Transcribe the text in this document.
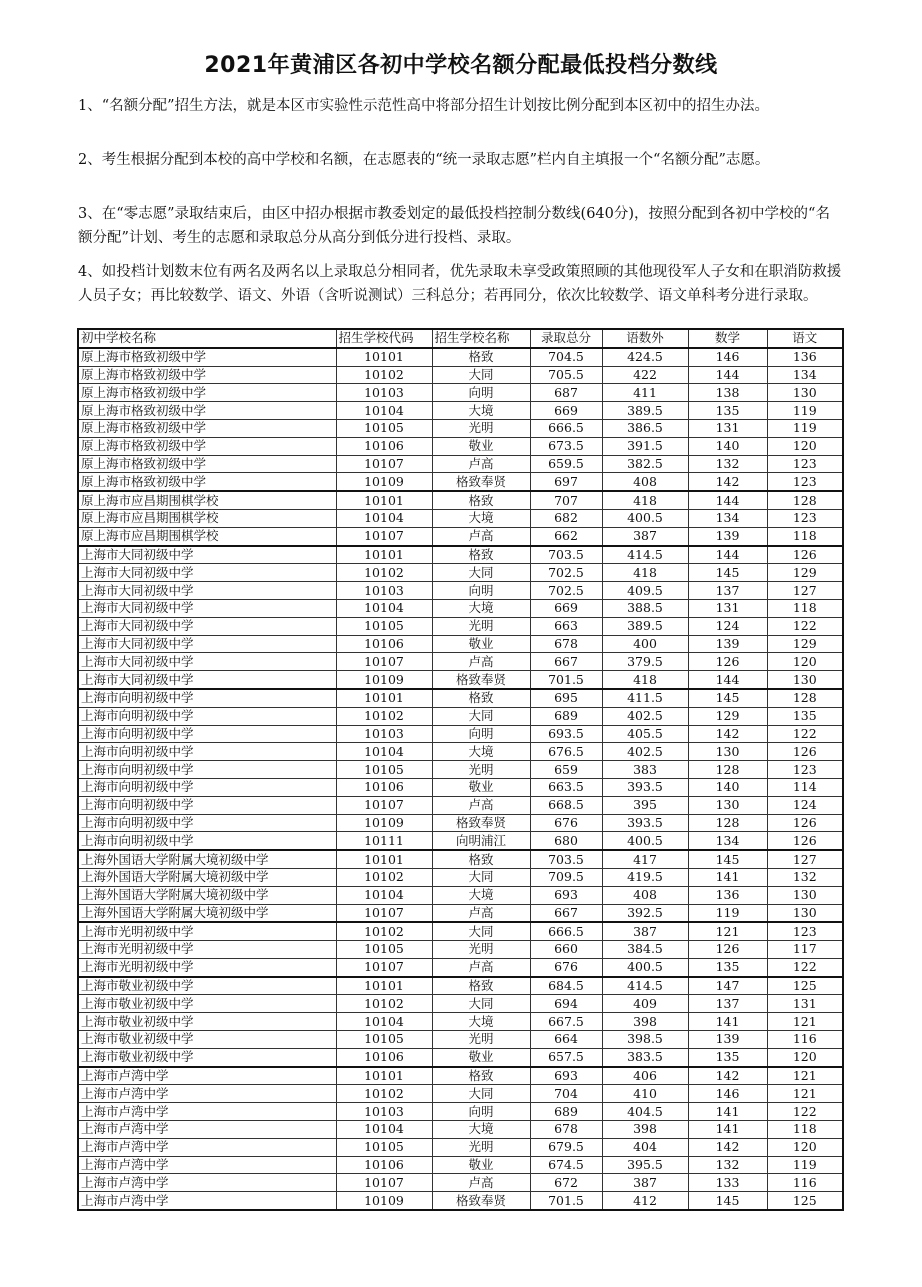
2021年黄浦区各初中学校名额分配最低投档分数线

1、“名额分配”招生方法，就是本区市实验性示范性高中将部分招生计划按比例分配到本区初中的招生办法。

2、考生根据分配到本校的高中学校和名额，在志愿表的“统一录取志愿”栏内自主填报一个“名额分配”志愿。

3、在“零志愿”录取结束后，由区中招办根据市教委划定的最低投档控制分数线(640分)，按照分配到各初中学校的“名额分配”计划、考生的志愿和录取总分从高分到低分进行投档、录取。

4、如投档计划数末位有两名及两名以上录取总分相同者，优先录取未享受政策照顾的其他现役军人子女和在职消防救援人员子女；再比较数学、语文、外语（含听说测试）三科总分；若再同分，依次比较数学、语文单科考分进行录取。

初中学校名称	招生学校代码	招生学校名称	录取总分	语数外	数学	语文
原上海市格致初级中学	10101	格致	704.5	424.5	146	136
原上海市格致初级中学	10102	大同	705.5	422	144	134
原上海市格致初级中学	10103	向明	687	411	138	130
原上海市格致初级中学	10104	大境	669	389.5	135	119
原上海市格致初级中学	10105	光明	666.5	386.5	131	119
原上海市格致初级中学	10106	敬业	673.5	391.5	140	120
原上海市格致初级中学	10107	卢高	659.5	382.5	132	123
原上海市格致初级中学	10109	格致奉贤	697	408	142	123
原上海市应昌期围棋学校	10101	格致	707	418	144	128
原上海市应昌期围棋学校	10104	大境	682	400.5	134	123
原上海市应昌期围棋学校	10107	卢高	662	387	139	118
上海市大同初级中学	10101	格致	703.5	414.5	144	126
上海市大同初级中学	10102	大同	702.5	418	145	129
上海市大同初级中学	10103	向明	702.5	409.5	137	127
上海市大同初级中学	10104	大境	669	388.5	131	118
上海市大同初级中学	10105	光明	663	389.5	124	122
上海市大同初级中学	10106	敬业	678	400	139	129
上海市大同初级中学	10107	卢高	667	379.5	126	120
上海市大同初级中学	10109	格致奉贤	701.5	418	144	130
上海市向明初级中学	10101	格致	695	411.5	145	128
上海市向明初级中学	10102	大同	689	402.5	129	135
上海市向明初级中学	10103	向明	693.5	405.5	142	122
上海市向明初级中学	10104	大境	676.5	402.5	130	126
上海市向明初级中学	10105	光明	659	383	128	123
上海市向明初级中学	10106	敬业	663.5	393.5	140	114
上海市向明初级中学	10107	卢高	668.5	395	130	124
上海市向明初级中学	10109	格致奉贤	676	393.5	128	126
上海市向明初级中学	10111	向明浦江	680	400.5	134	126
上海外国语大学附属大境初级中学	10101	格致	703.5	417	145	127
上海外国语大学附属大境初级中学	10102	大同	709.5	419.5	141	132
上海外国语大学附属大境初级中学	10104	大境	693	408	136	130
上海外国语大学附属大境初级中学	10107	卢高	667	392.5	119	130
上海市光明初级中学	10102	大同	666.5	387	121	123
上海市光明初级中学	10105	光明	660	384.5	126	117
上海市光明初级中学	10107	卢高	676	400.5	135	122
上海市敬业初级中学	10101	格致	684.5	414.5	147	125
上海市敬业初级中学	10102	大同	694	409	137	131
上海市敬业初级中学	10104	大境	667.5	398	141	121
上海市敬业初级中学	10105	光明	664	398.5	139	116
上海市敬业初级中学	10106	敬业	657.5	383.5	135	120
上海市卢湾中学	10101	格致	693	406	142	121
上海市卢湾中学	10102	大同	704	410	146	121
上海市卢湾中学	10103	向明	689	404.5	141	122
上海市卢湾中学	10104	大境	678	398	141	118
上海市卢湾中学	10105	光明	679.5	404	142	120
上海市卢湾中学	10106	敬业	674.5	395.5	132	119
上海市卢湾中学	10107	卢高	672	387	133	116
上海市卢湾中学	10109	格致奉贤	701.5	412	145	125
